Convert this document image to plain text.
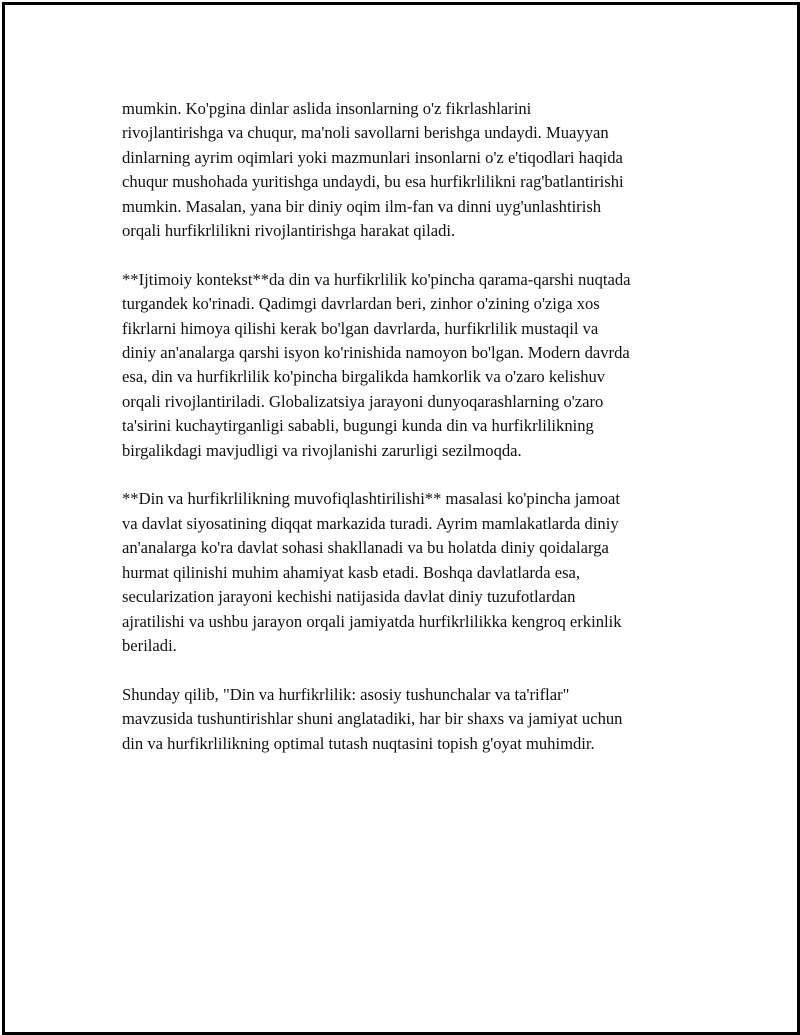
mumkin. Ko'pgina dinlar aslida insonlarning o'z fikrlashlarini
rivojlantirishga va chuqur, ma'noli savollarni berishga undaydi. Muayyan
dinlarning ayrim oqimlari yoki mazmunlari insonlarni o'z e'tiqodlari haqida
chuqur mushohada yuritishga undaydi, bu esa hurfikrlilikni rag'batlantirishi
mumkin. Masalan, yana bir diniy oqim ilm-fan va dinni uyg'unlashtirish
orqali hurfikrlilikni rivojlantirishga harakat qiladi.

**Ijtimoiy kontekst**da din va hurfikrlilik ko'pincha qarama-qarshi nuqtada
turgandek ko'rinadi. Qadimgi davrlardan beri, zinhor o'zining o'ziga xos
fikrlarni himoya qilishi kerak bo'lgan davrlarda, hurfikrlilik mustaqil va
diniy an'analarga qarshi isyon ko'rinishida namoyon bo'lgan. Modern davrda
esa, din va hurfikrlilik ko'pincha birgalikda hamkorlik va o'zaro kelishuv
orqali rivojlantiriladi. Globalizatsiya jarayoni dunyoqarashlarning o'zaro
ta'sirini kuchaytirganligi sababli, bugungi kunda din va hurfikrlilikning
birgalikdagi mavjudligi va rivojlanishi zarurligi sezilmoqda.

**Din va hurfikrlilikning muvofiqlashtirilishi** masalasi ko'pincha jamoat
va davlat siyosatining diqqat markazida turadi. Ayrim mamlakatlarda diniy
an'analarga ko'ra davlat sohasi shakllanadi va bu holatda diniy qoidalarga
hurmat qilinishi muhim ahamiyat kasb etadi. Boshqa davlatlarda esa,
secularization jarayoni kechishi natijasida davlat diniy tuzufotlardan
ajratilishi va ushbu jarayon orqali jamiyatda hurfikrlilikka kengroq erkinlik
beriladi.

Shunday qilib, "Din va hurfikrlilik: asosiy tushunchalar va ta'riflar"
mavzusida tushuntirishlar shuni anglatadiki, har bir shaxs va jamiyat uchun
din va hurfikrlilikning optimal tutash nuqtasini topish g'oyat muhimdir.
